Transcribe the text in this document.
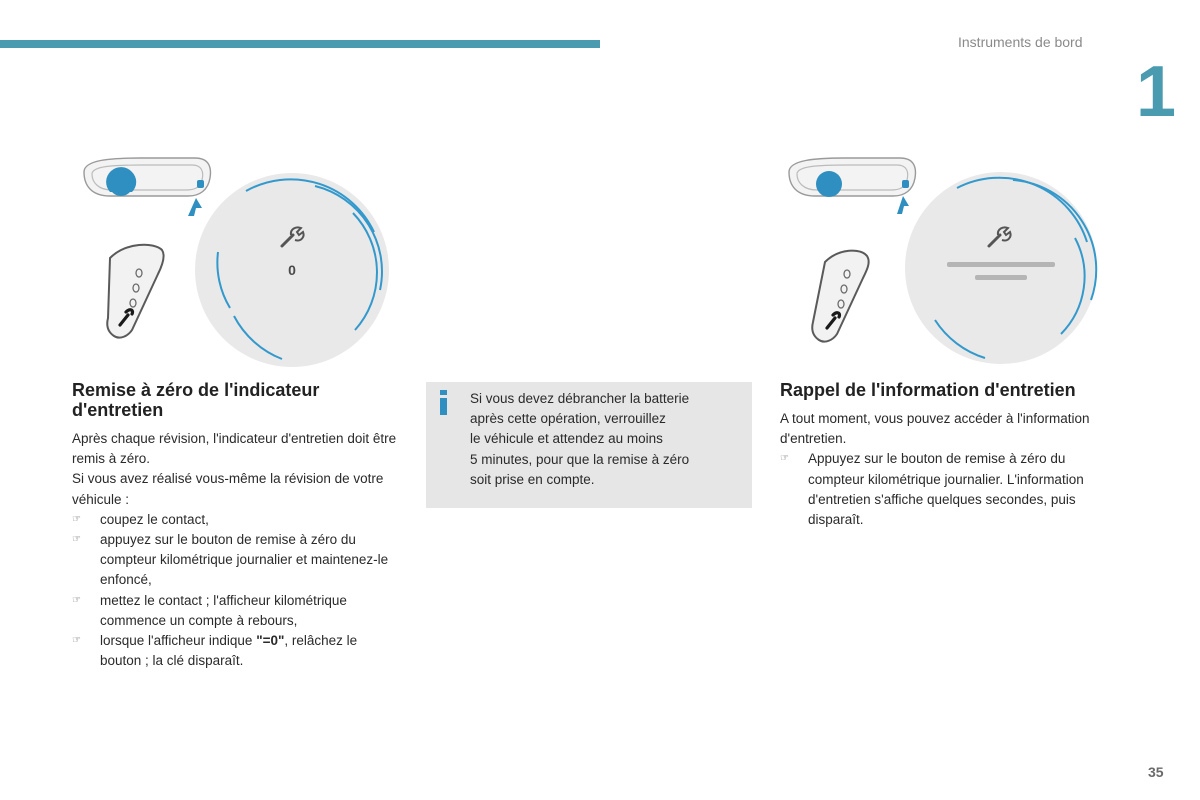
Instruments de bord
1
0
Remise à zéro de l'indicateur d'entretien

Après chaque révision, l'indicateur d'entretien doit être remis à zéro.

Si vous avez réalisé vous-même la révision de votre véhicule :

☞ coupez le contact,
☞ appuyez sur le bouton de remise à zéro du compteur kilométrique journalier et maintenez-le enfoncé,
☞ mettez le contact ; l'afficheur kilométrique commence un compte à rebours,
☞ lorsque l'afficheur indique "=0", relâchez le bouton ; la clé disparaît.

Si vous devez débrancher la batterie
après cette opération, verrouillez
le véhicule et attendez au moins
5 minutes, pour que la remise à zéro
soit prise en compte.

Rappel de l'information d'entretien

A tout moment, vous pouvez accéder à l'information d'entretien.

☞ Appuyez sur le bouton de remise à zéro du compteur kilométrique journalier. L'information d'entretien s'affiche quelques secondes, puis disparaît.
35
